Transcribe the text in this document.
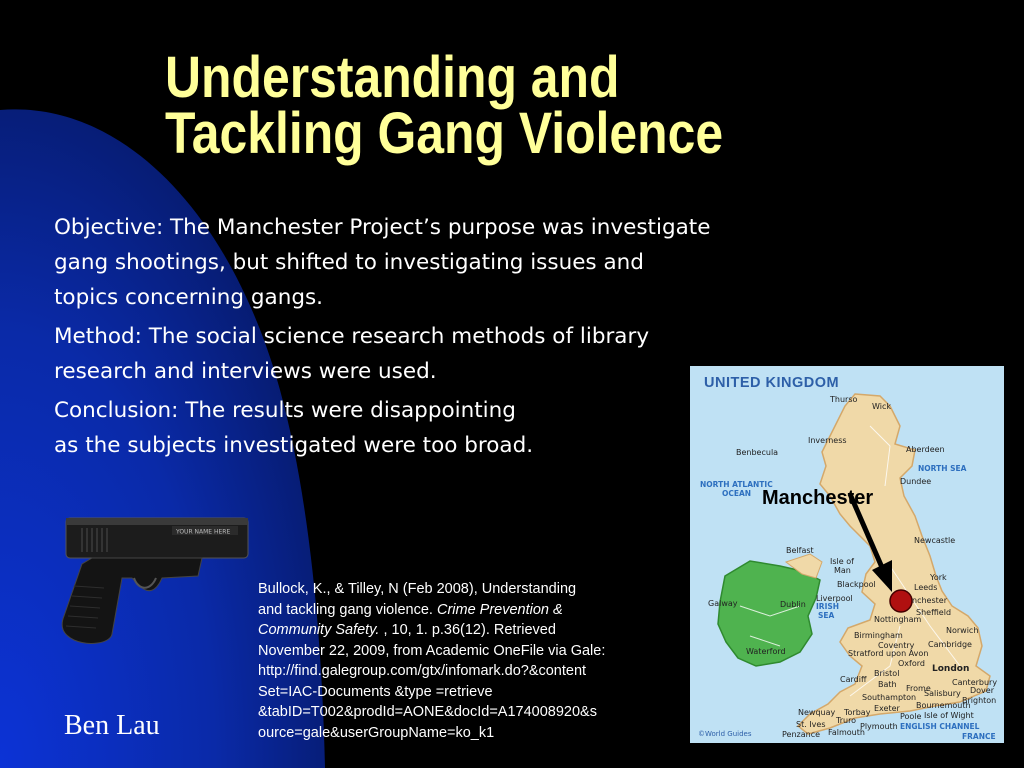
Understanding and
Tackling Gang Violence
Objective: The Manchester Project’s purpose was investigate
gang shootings, but shifted to investigating issues and
topics concerning gangs.
Method: The social science research methods of library
research and interviews were used.
Conclusion: The results were disappointing
as the subjects investigated were too broad.
YOUR NAME HERE
UNITED KINGDOM
NORTH SEA
NORTH ATLANTIC
OCEAN
IRISH
SEA
ENGLISH CHANNEL
Thurso
Wick
Inverness
Aberdeen
Benbecula
Dundee
Newcastle
Belfast
Isle of
Man
York
Blackpool	Leeds
Liverpool	nchester
Sheffield
Galway	Dublin
Nottingham
Norwich
Birmingham
Coventry Cambridge
Stratford upon Avon
Waterford
Oxford
Cardiff
Bristol
Bath
London
Canterbury
Dover
Brighton
Frome
Salisbury
Southampton
Bournemouth
Exeter
Poole Isle of Wight
Newquay Torbay
St. Ives Truro
Plymouth
Penzance Falmouth	FRANCE
©World Guides
Manchester
Bullock, K., & Tilley, N (Feb 2008), Understanding
and tackling gang violence. Crime Prevention &
Community Safety. , 10, 1. p.36(12). Retrieved
November 22, 2009, from Academic OneFile via Gale:
http://find.galegroup.com/gtx/infomark.do?&content
Set=IAC-Documents &type =retrieve
&tabID=T002&prodId=AONE&docId=A174008920&s
ource=gale&userGroupName=ko_k1
Ben Lau
